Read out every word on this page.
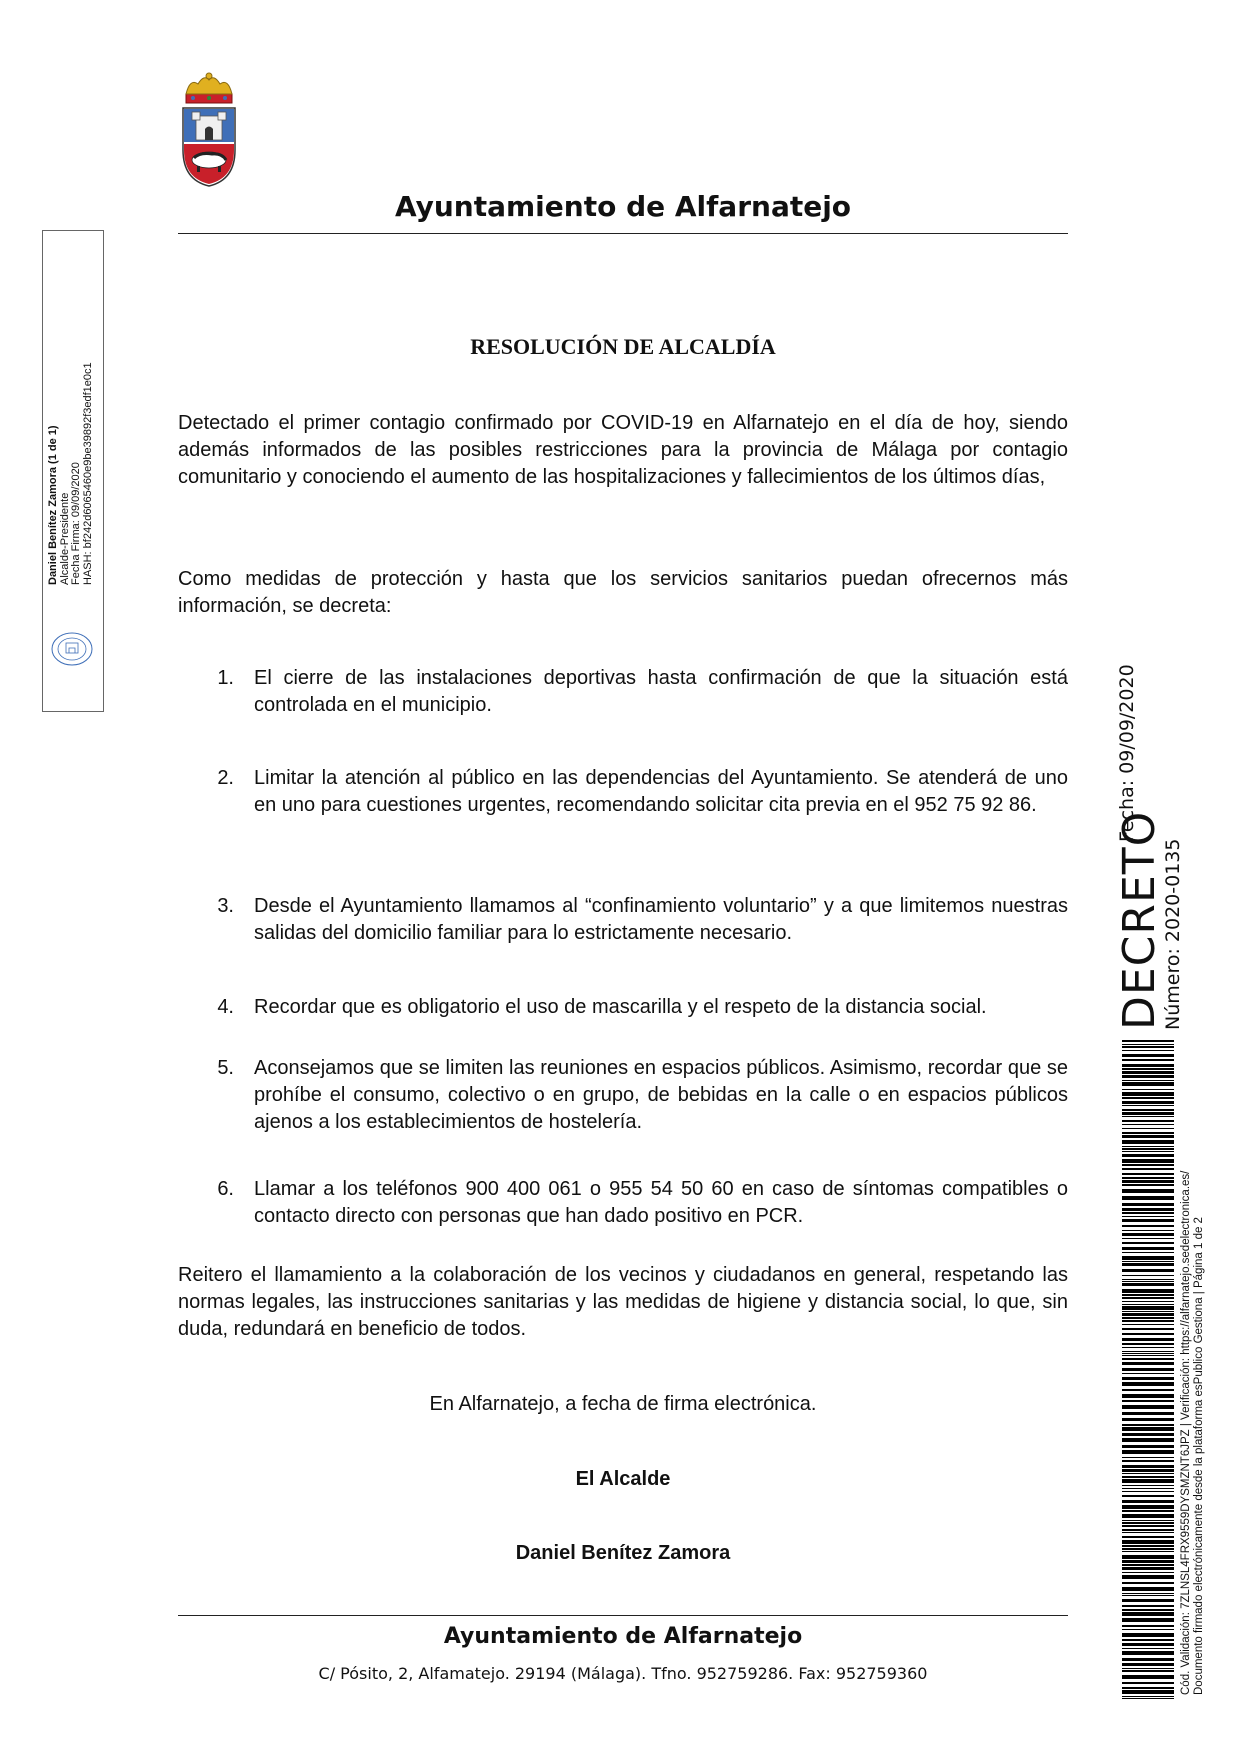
Ayuntamiento de Alfarnatejo
Daniel Benítez Zamora (1 de 1) Alcalde-Presidente Fecha Firma: 09/09/2020 HASH: bf242d6065460e9be39892f3edf1e0c1
RESOLUCIÓN DE ALCALDÍA
Detectado el primer contagio confirmado por COVID-19 en Alfarnatejo en el día de hoy, siendo además informados de las posibles restricciones para la provincia de Málaga por contagio comunitario y conociendo el aumento de las hospitalizaciones y fallecimientos de los últimos días,
Como medidas de protección y hasta que los servicios sanitarios puedan ofrecernos más información, se decreta:
1. El cierre de las instalaciones deportivas hasta confirmación de que la situación está controlada en el municipio.
2. Limitar la atención al público en las dependencias del Ayuntamiento. Se atenderá de uno en uno para cuestiones urgentes, recomendando solicitar cita previa en el 952 75 92 86.
3. Desde el Ayuntamiento llamamos al “confinamiento voluntario” y a que limitemos nuestras salidas del domicilio familiar para lo estrictamente necesario.
4. Recordar que es obligatorio el uso de mascarilla y el respeto de la distancia social.
5. Aconsejamos que se limiten las reuniones en espacios públicos. Asimismo, recordar que se prohíbe el consumo, colectivo o en grupo, de bebidas en la calle o en espacios públicos ajenos a los establecimientos de hostelería.
6. Llamar a los teléfonos 900 400 061 o 955 54 50 60 en caso de síntomas compatibles o contacto directo con personas que han dado positivo en PCR.
Reitero el llamamiento a la colaboración de los vecinos y ciudadanos en general, respetando las normas legales, las instrucciones sanitarias y las medidas de higiene y distancia social, lo que, sin duda, redundará en beneficio de todos.
En Alfarnatejo, a fecha de firma electrónica.
El Alcalde
Daniel Benítez Zamora
Ayuntamiento de Alfarnatejo
C/ Pósito, 2, Alfamatejo. 29194 (Málaga). Tfno. 952759286. Fax: 952759360
DECRETO
Número: 2020-0135
Fecha: 09/09/2020
Cód. Validación: 7ZLNSL4FRX9559DYSMZNT6JPZ | Verificación: https://alfarnatejo.sedelectronica.es/ Documento firmado electrónicamente desde la plataforma esPublico Gestiona | Página 1 de 2
